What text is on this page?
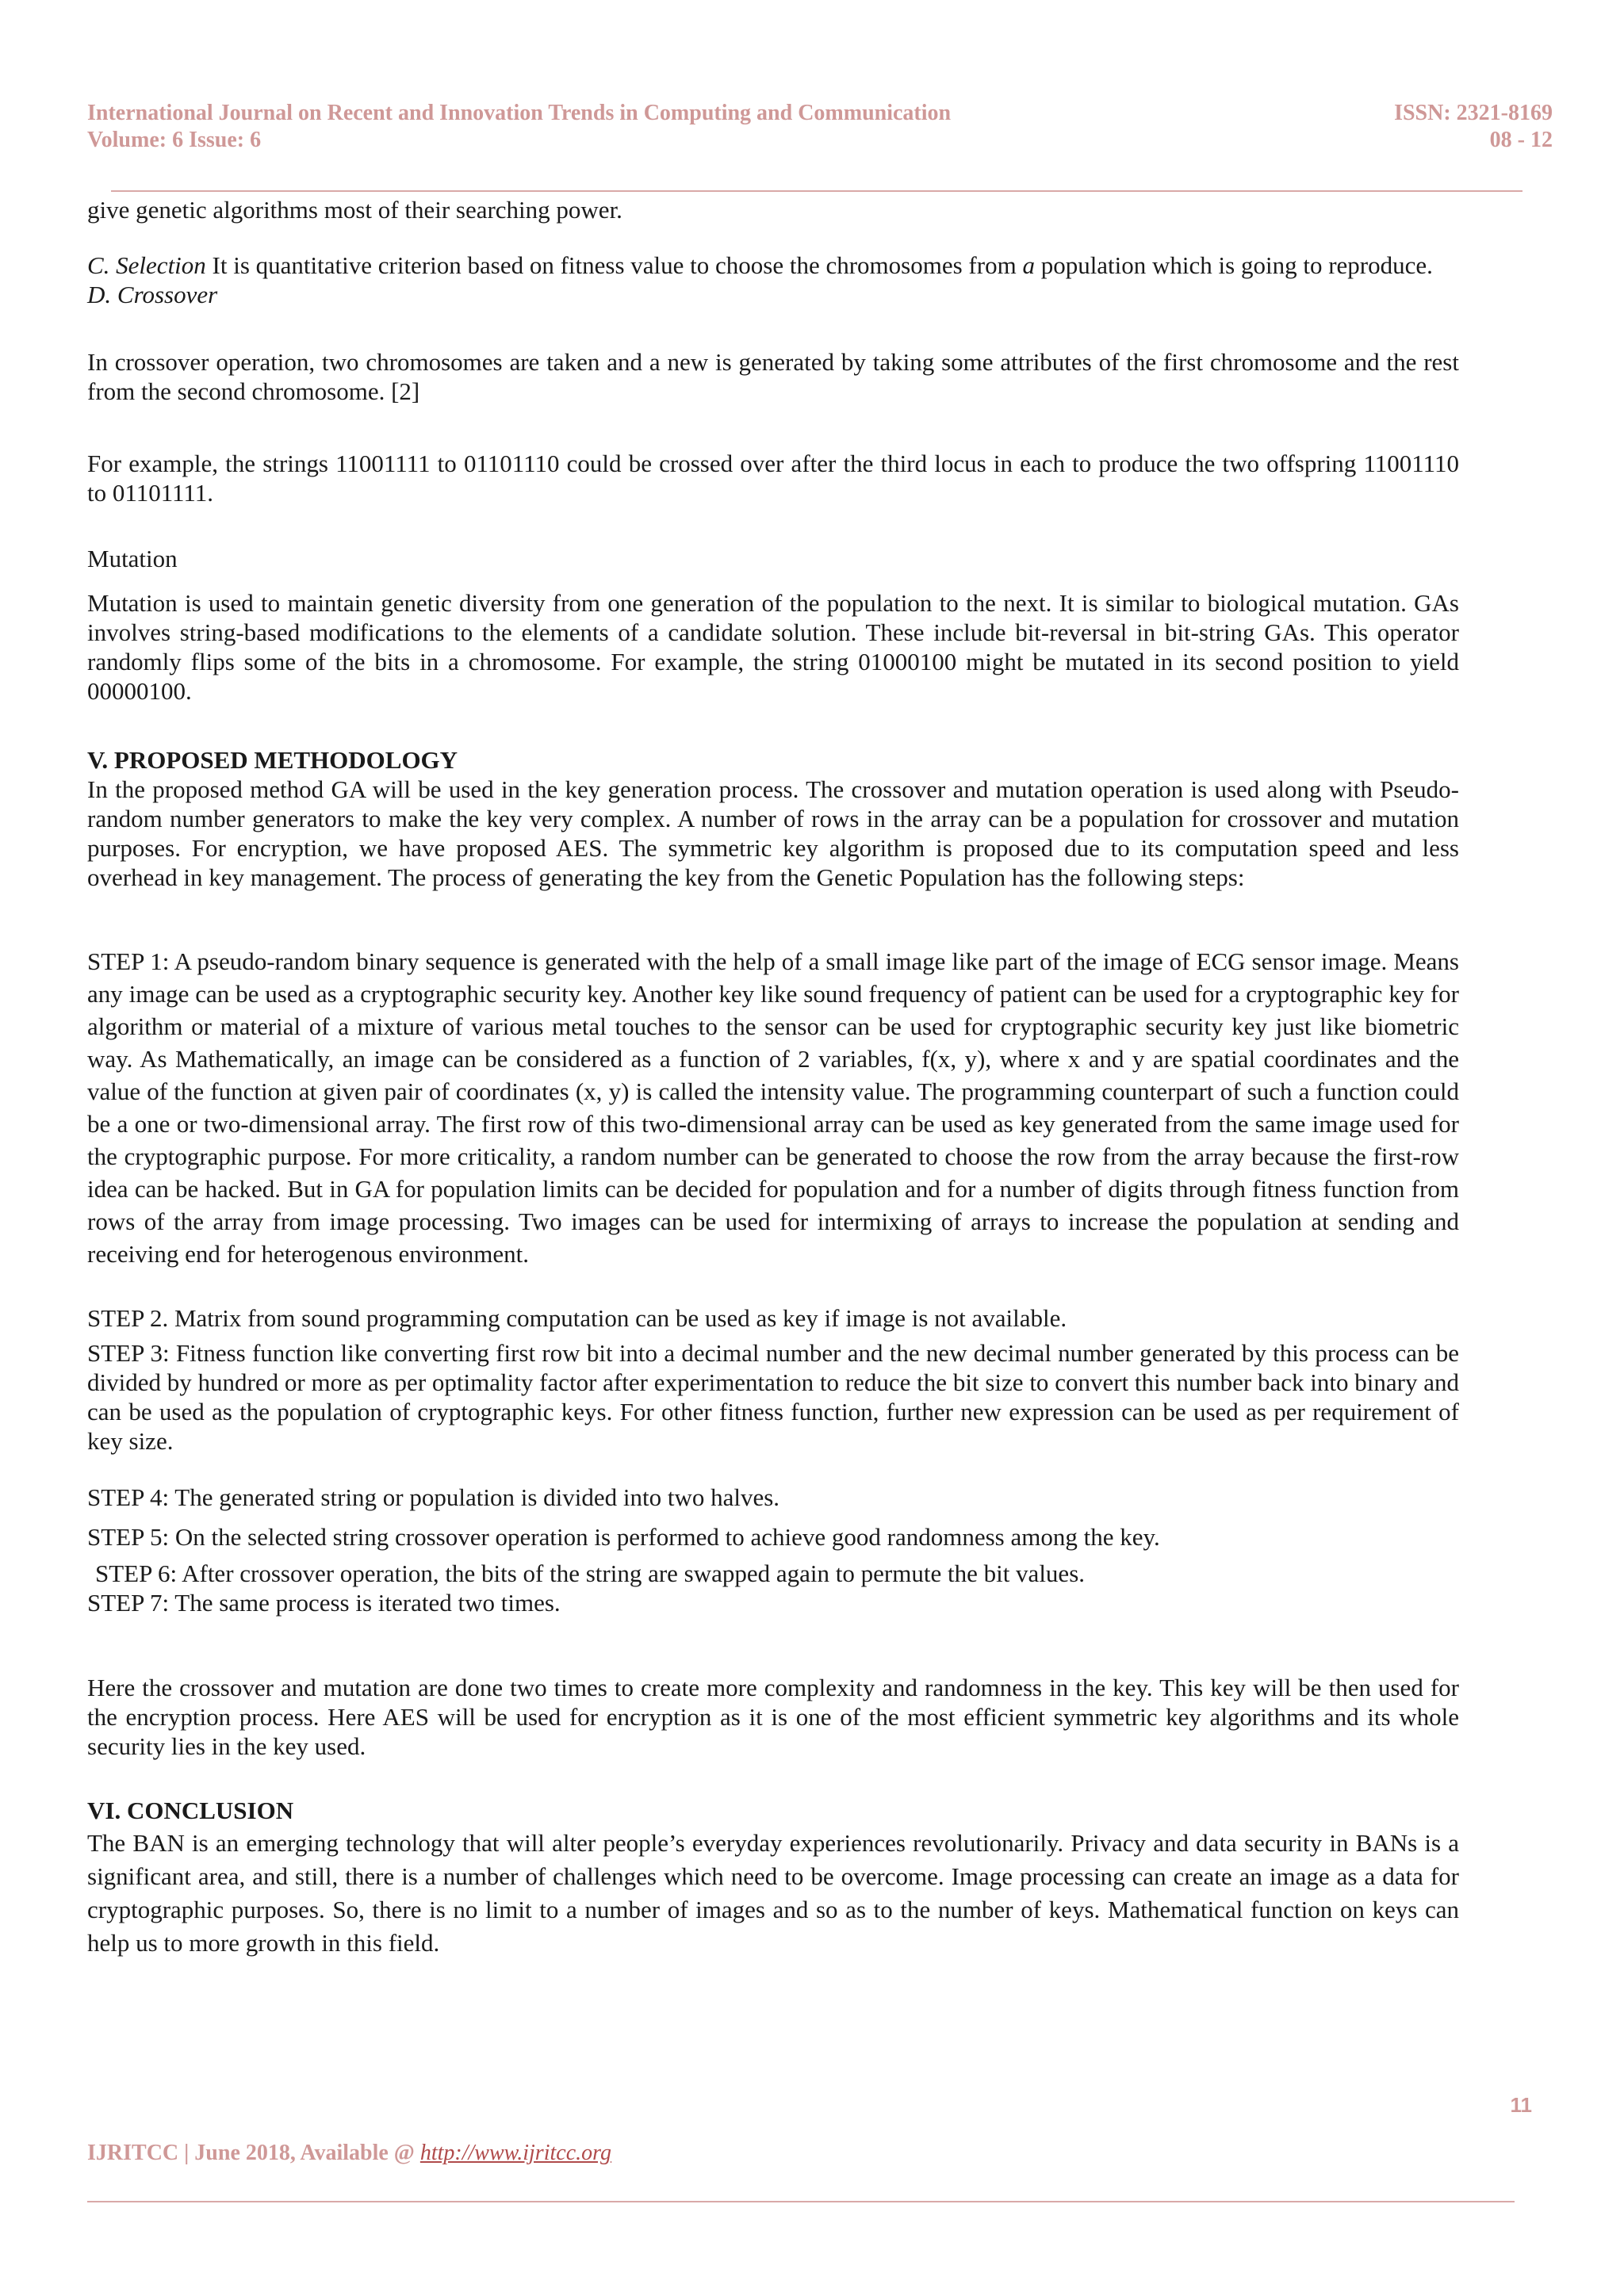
International Journal on Recent and Innovation Trends in Computing and Communication
Volume: 6 Issue: 6
ISSN: 2321-8169
08 - 12

give genetic algorithms most of their searching power.

C. Selection It is quantitative criterion based on fitness value to choose the chromosomes from a population which is going to reproduce.

D. Crossover

In crossover operation, two chromosomes are taken and a new is generated by taking some attributes of the first chromosome and the rest from the second chromosome. [2]

For example, the strings 11001111 to 01101110 could be crossed over after the third locus in each to produce the two offspring 11001110 to 01101111.

Mutation

Mutation is used to maintain genetic diversity from one generation of the population to the next. It is similar to biological mutation. GAs involves string-based modifications to the elements of a candidate solution. These include bit-reversal in bit-string GAs. This operator randomly flips some of the bits in a chromosome. For example, the string 01000100 might be mutated in its second position to yield 00000100.

V. PROPOSED METHODOLOGY

In the proposed method GA will be used in the key generation process. The crossover and mutation operation is used along with Pseudo-random number generators to make the key very complex. A number of rows in the array can be a population for crossover and mutation purposes. For encryption, we have proposed AES. The symmetric key algorithm is proposed due to its computation speed and less overhead in key management. The process of generating the key from the Genetic Population has the following steps:

STEP 1: A pseudo-random binary sequence is generated with the help of a small image like part of the image of ECG sensor image. Means any image can be used as a cryptographic security key. Another key like sound frequency of patient can be used for a cryptographic key for algorithm or material of a mixture of various metal touches to the sensor can be used for cryptographic security key just like biometric way. As Mathematically, an image can be considered as a function of 2 variables, f(x, y), where x and y are spatial coordinates and the value of the function at given pair of coordinates (x, y) is called the intensity value. The programming counterpart of such a function could be a one or two-dimensional array. The first row of this two-dimensional array can be used as key generated from the same image used for the cryptographic purpose. For more criticality, a random number can be generated to choose the row from the array because the first-row idea can be hacked. But in GA for population limits can be decided for population and for a number of digits through fitness function from rows of the array from image processing. Two images can be used for intermixing of arrays to increase the population at sending and receiving end for heterogenous environment.

STEP 2. Matrix from sound programming computation can be used as key if image is not available.

STEP 3: Fitness function like converting first row bit into a decimal number and the new decimal number generated by this process can be divided by hundred or more as per optimality factor after experimentation to reduce the bit size to convert this number back into binary and can be used as the population of cryptographic keys. For other fitness function, further new expression can be used as per requirement of key size.

STEP 4: The generated string or population is divided into two halves.

STEP 5: On the selected string crossover operation is performed to achieve good randomness among the key.

STEP 6: After crossover operation, the bits of the string are swapped again to permute the bit values.

STEP 7: The same process is iterated two times.

Here the crossover and mutation are done two times to create more complexity and randomness in the key. This key will be then used for the encryption process. Here AES will be used for encryption as it is one of the most efficient symmetric key algorithms and its whole security lies in the key used.

VI. CONCLUSION

The BAN is an emerging technology that will alter people’s everyday experiences revolutionarily. Privacy and data security in BANs is a significant area, and still, there is a number of challenges which need to be overcome. Image processing can create an image as a data for cryptographic purposes. So, there is no limit to a number of images and so as to the number of keys. Mathematical function on keys can help us to more growth in this field.

11
IJRITCC | June 2018, Available @ http://www.ijritcc.org
